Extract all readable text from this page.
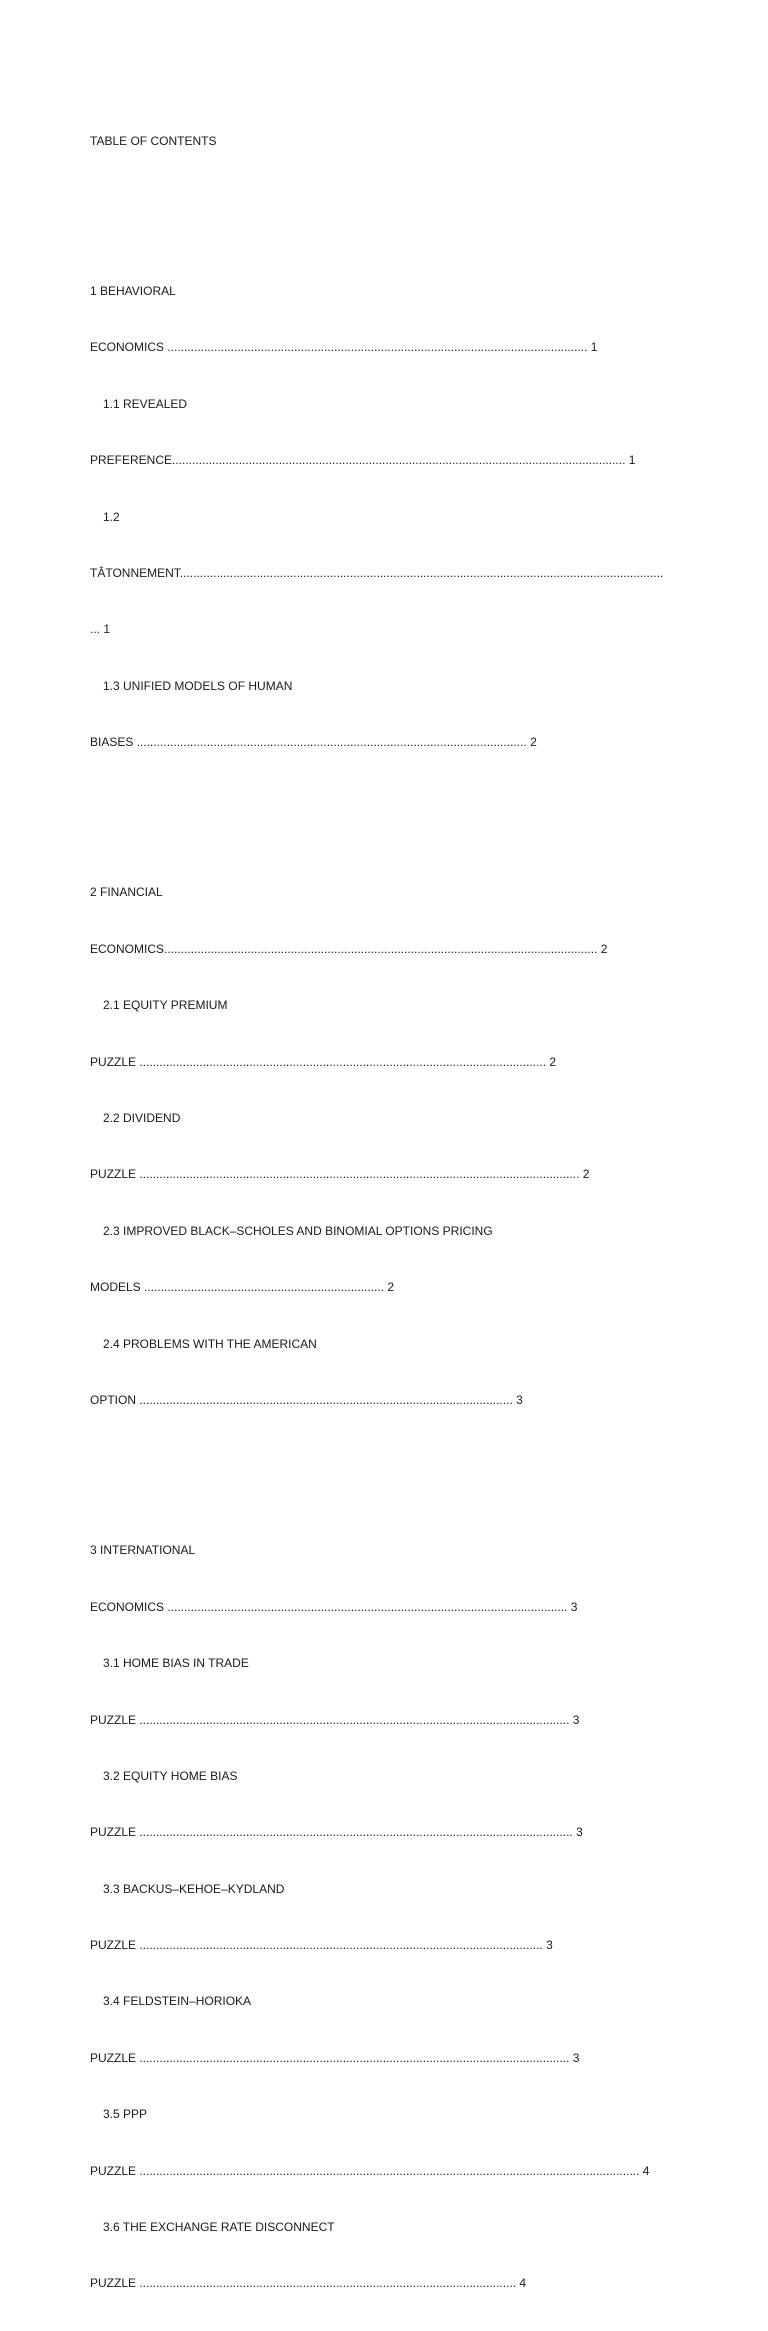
TABLE OF CONTENTS

1 BEHAVIORAL

ECONOMICS .............................................................................................................................. 1

1.1 REVEALED

PREFERENCE........................................................................................................................................ 1

1.2

TÂTONNEMENT.................................................................................................................................................

... 1

1.3 UNIFIED MODELS OF HUMAN

BIASES ..................................................................................................................... 2

2 FINANCIAL

ECONOMICS.................................................................................................................................. 2

2.1 EQUITY PREMIUM

PUZZLE .......................................................................................................................... 2

2.2 DIVIDEND

PUZZLE .................................................................................................................................... 2

2.3 IMPROVED BLACK–SCHOLES AND BINOMIAL OPTIONS PRICING

MODELS ........................................................................ 2

2.4 PROBLEMS WITH THE AMERICAN

OPTION ................................................................................................................ 3

3 INTERNATIONAL

ECONOMICS ........................................................................................................................ 3

3.1 HOME BIAS IN TRADE

PUZZLE ................................................................................................................................. 3

3.2 EQUITY HOME BIAS

PUZZLE .................................................................................................................................. 3

3.3 BACKUS–KEHOE–KYDLAND

PUZZLE ......................................................................................................................... 3

3.4 FELDSTEIN–HORIOKA

PUZZLE ................................................................................................................................. 3

3.5 PPP

PUZZLE ...................................................................................................................................................... 4

3.6 THE EXCHANGE RATE DISCONNECT

PUZZLE ................................................................................................................. 4
